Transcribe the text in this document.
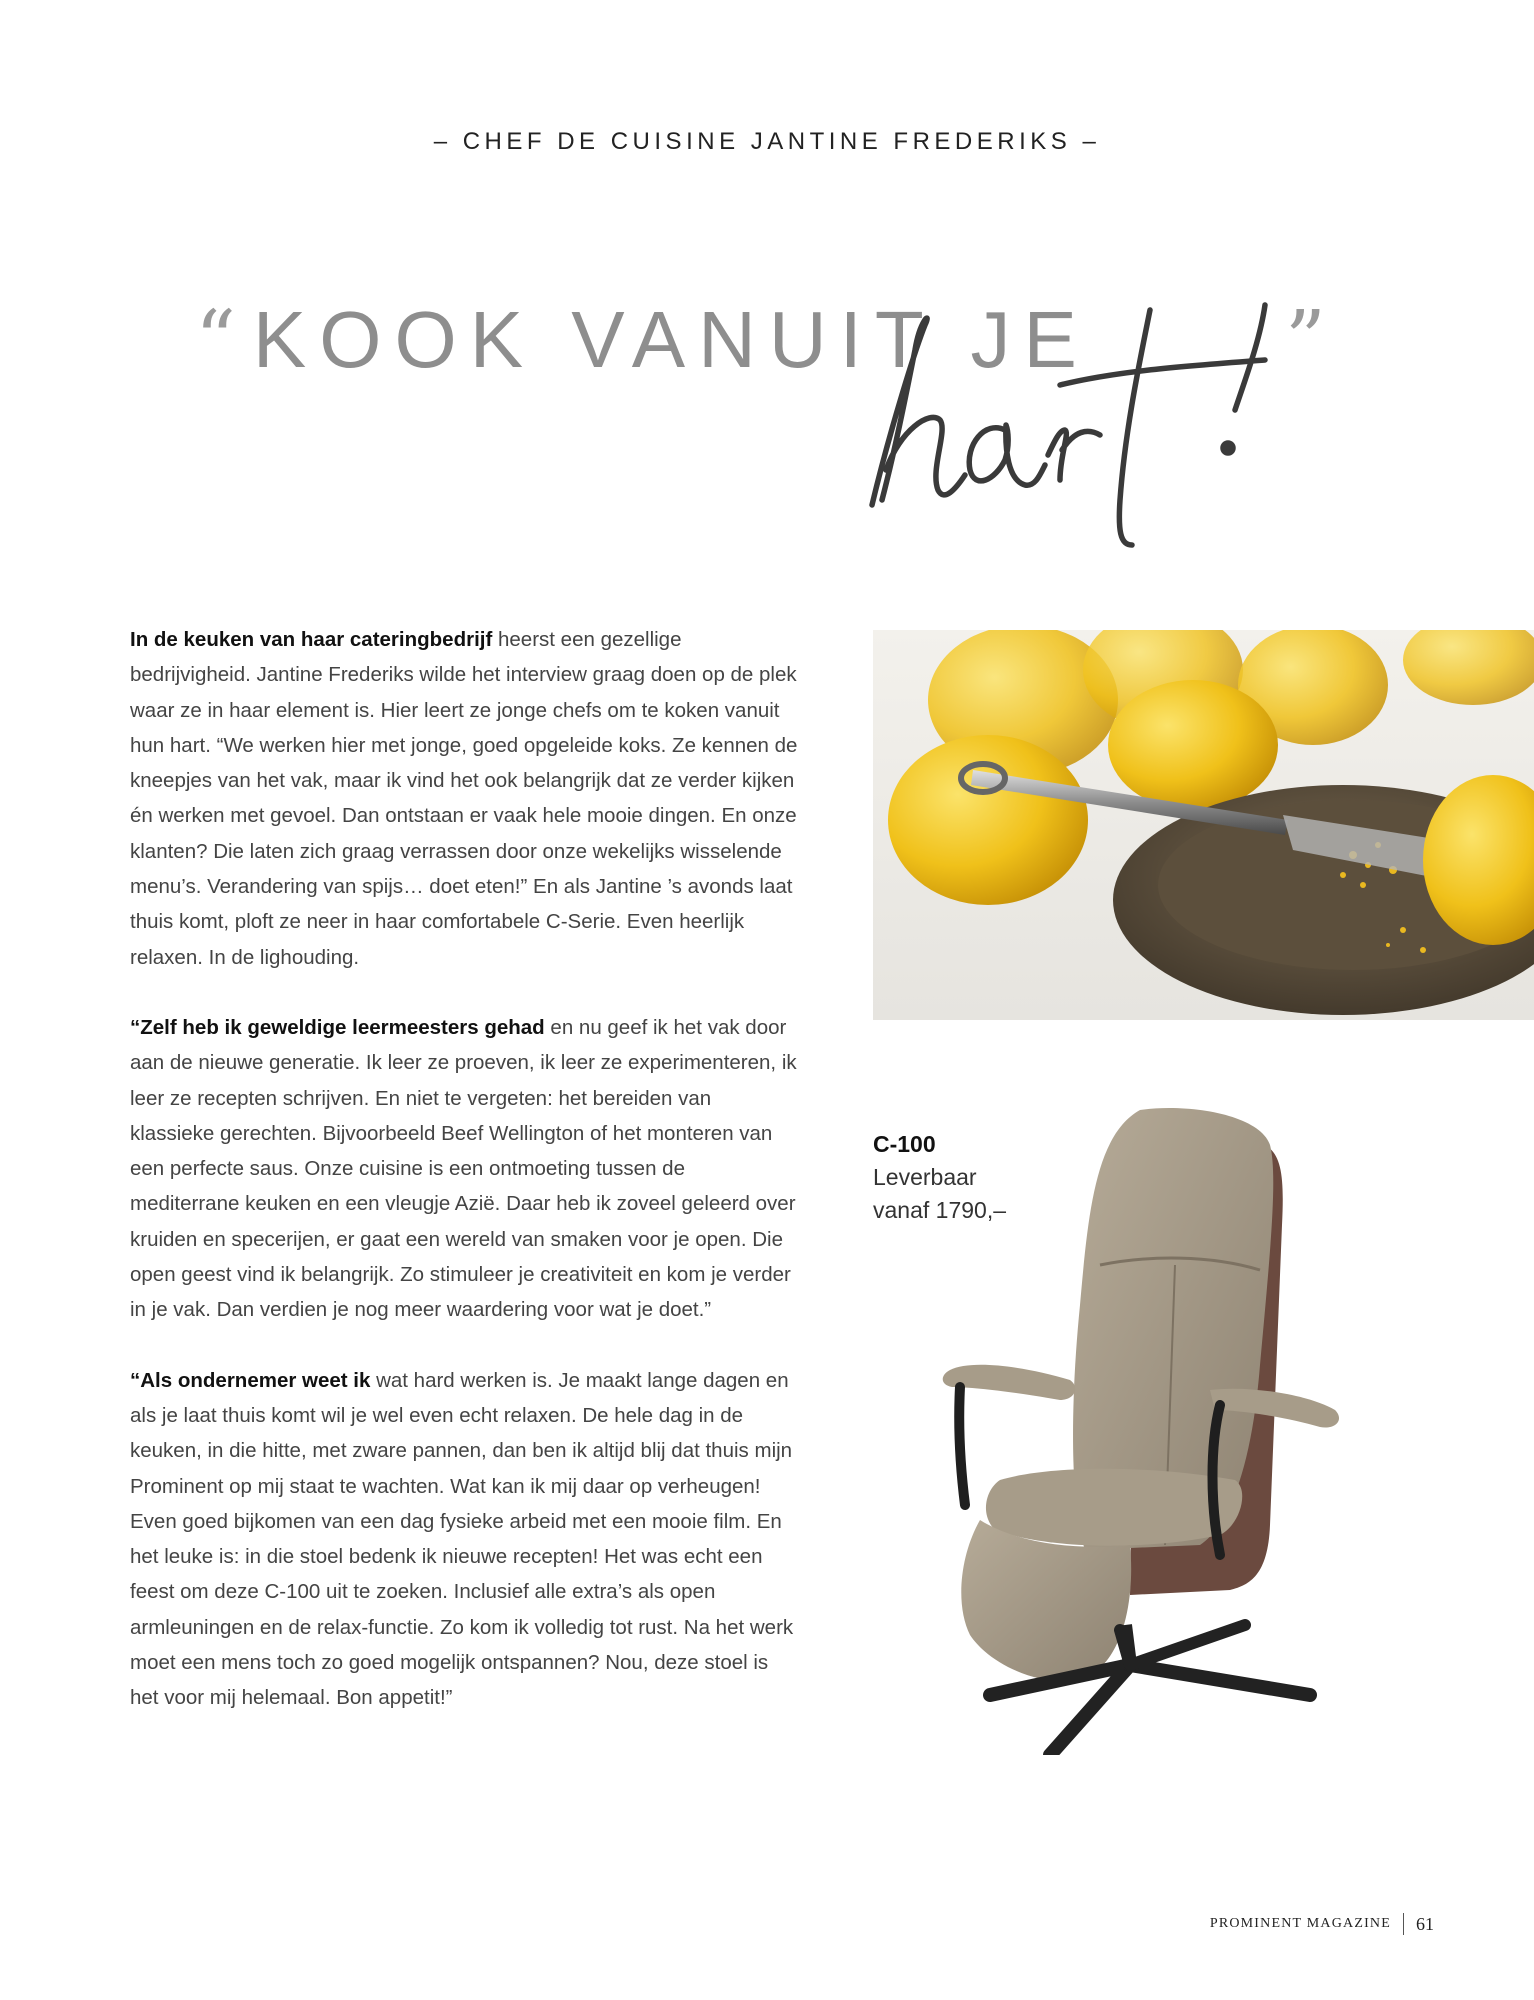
– CHEF DE CUISINE JANTINE FREDERIKS –
“KOOK VANUIT JE ”

In de keuken van haar cateringbedrijf heerst een gezellige bedrijvigheid. Jantine Frederiks wilde het interview graag doen op de plek waar ze in haar element is. Hier leert ze jonge chefs om te koken vanuit hun hart. “We werken hier met jonge, goed opgeleide koks. Ze kennen de kneepjes van het vak, maar ik vind het ook belangrijk dat ze verder kijken én werken met gevoel. Dan ontstaan er vaak hele mooie dingen. En onze klanten? Die laten zich graag verrassen door onze wekelijks wisselende menu’s. Verandering van spijs… doet eten!” En als Jantine ’s avonds laat thuis komt, ploft ze neer in haar comfortabele C-Serie. Even heerlijk relaxen. In de lighouding.

“Zelf heb ik geweldige leermeesters gehad en nu geef ik het vak door aan de nieuwe generatie. Ik leer ze proeven, ik leer ze experimenteren, ik leer ze recepten schrijven. En niet te vergeten: het bereiden van klassieke gerechten. Bijvoorbeeld Beef Wellington of het monteren van een perfecte saus. Onze cuisine is een ontmoeting tussen de mediterrane keuken en een vleugje Azië. Daar heb ik zoveel geleerd over kruiden en specerijen, er gaat een wereld van smaken voor je open. Die open geest vind ik belangrijk. Zo stimuleer je creativiteit en kom je verder in je vak. Dan verdien je nog meer waardering voor wat je doet.”

“Als ondernemer weet ik wat hard werken is. Je maakt lange dagen en als je laat thuis komt wil je wel even echt relaxen. De hele dag in de keuken, in die hitte, met zware pannen, dan ben ik altijd blij dat thuis mijn Prominent op mij staat te wachten. Wat kan ik mij daar op verheugen! Even goed bijkomen van een dag fysieke arbeid met een mooie film. En het leuke is: in die stoel bedenk ik nieuwe recepten! Het was echt een feest om deze C-100 uit te zoeken. Inclusief alle extra’s als open armleuningen en de relax-functie. Zo kom ik volledig tot rust. Na het werk moet een mens toch zo goed mogelijk ontspannen? Nou, deze stoel is het voor mij helemaal. Bon appetit!”

C-100
Leverbaar
vanaf 1790,–
PROMINENT MAGAZINE 61
